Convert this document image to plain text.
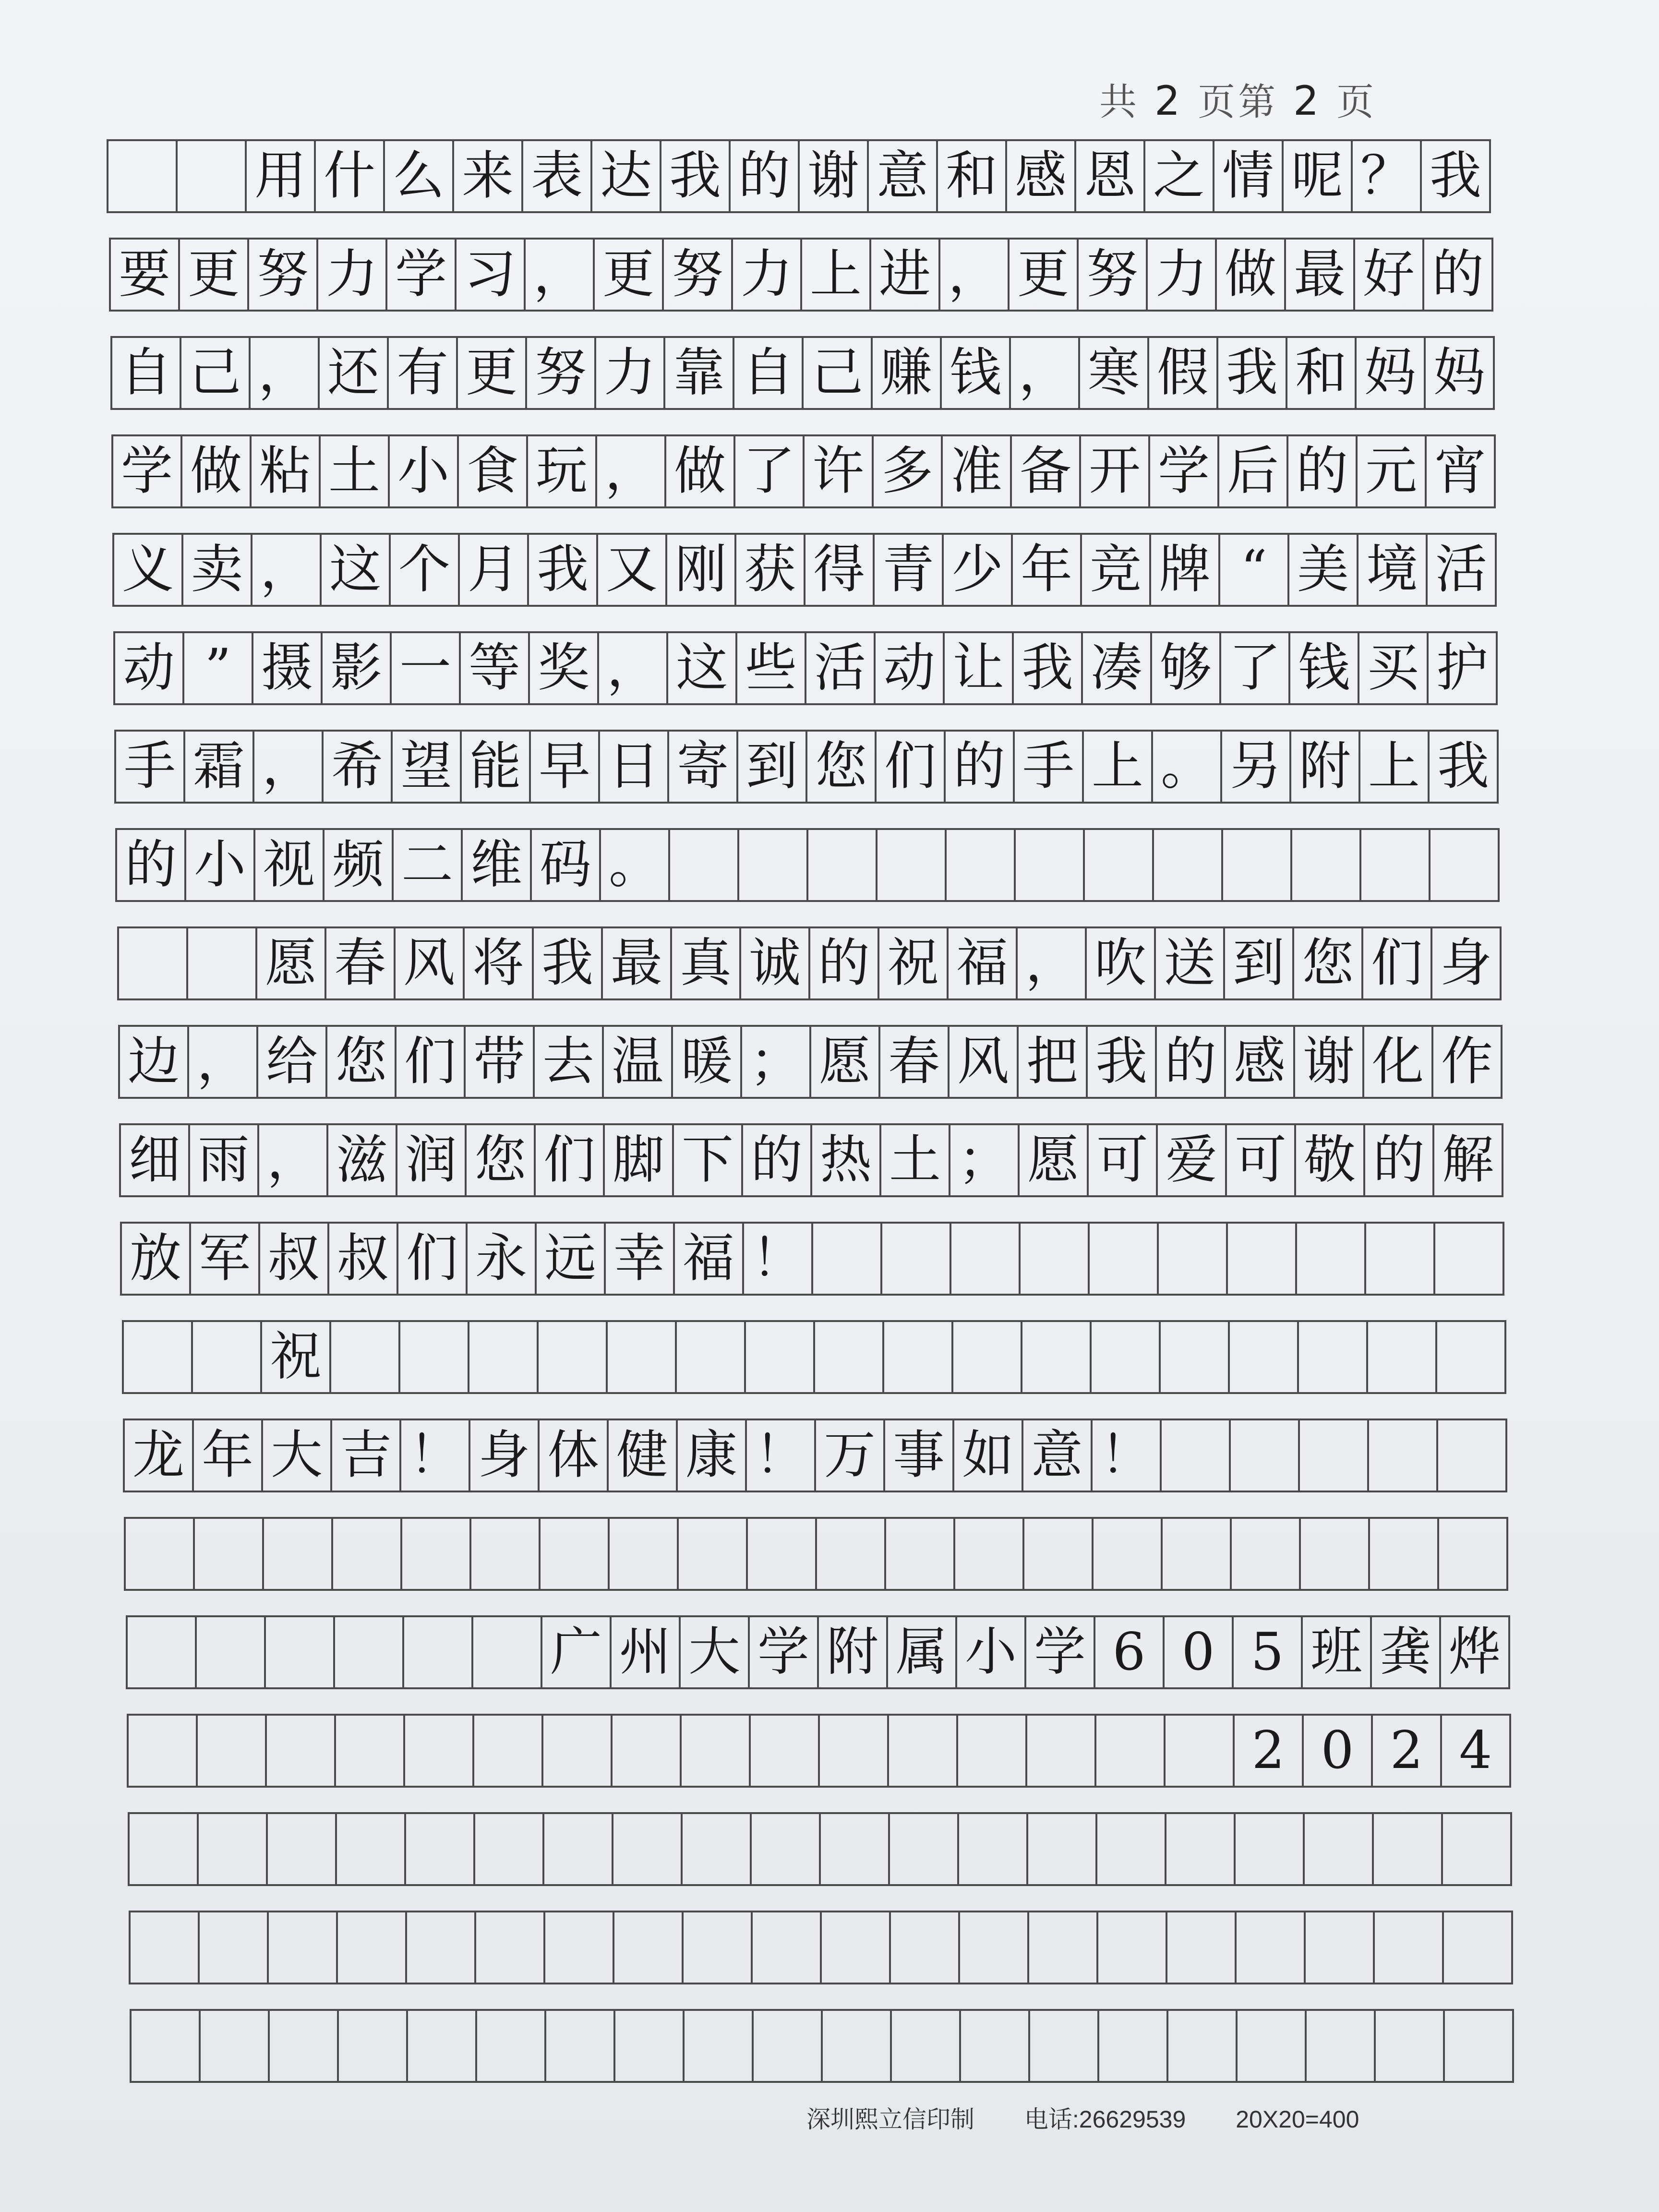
共 2 页第 2 页
用 什 么 来 表 达 我 的 谢 意 和 感 恩 之 情 呢 ？ 我
要 更 努 力 学 习 ， 更 努 力 上 进 ， 更 努 力 做 最 好 的
自 己 ， 还 有 更 努 力 靠 自 己 赚 钱 ， 寒 假 我 和 妈 妈
学 做 粘 土 小 食 玩 ， 做 了 许 多 准 备 开 学 后 的 元 宵
义 卖 ， 这 个 月 我 又 刚 获 得 青 少 年 竞 牌 “ 美 境 活
动 ” 摄 影 一 等 奖 ， 这 些 活 动 让 我 凑 够 了 钱 买 护
手 霜 ， 希 望 能 早 日 寄 到 您 们 的 手 上 。 另 附 上 我
的 小 视 频 二 维 码 。
愿 春 风 将 我 最 真 诚 的 祝 福 ， 吹 送 到 您 们 身
边 ， 给 您 们 带 去 温 暖 ； 愿 春 风 把 我 的 感 谢 化 作
细 雨 ， 滋 润 您 们 脚 下 的 热 土 ； 愿 可 爱 可 敬 的 解
放 军 叔 叔 们 永 远 幸 福 ！
祝
龙 年 大 吉 ！ 身 体 健 康 ！ 万 事 如 意 ！
广 州 大 学 附 属 小 学 6 0 5 班 龚 烨
2 0 2 4
深圳熙立信印制 电话:26629539 20X20=400
